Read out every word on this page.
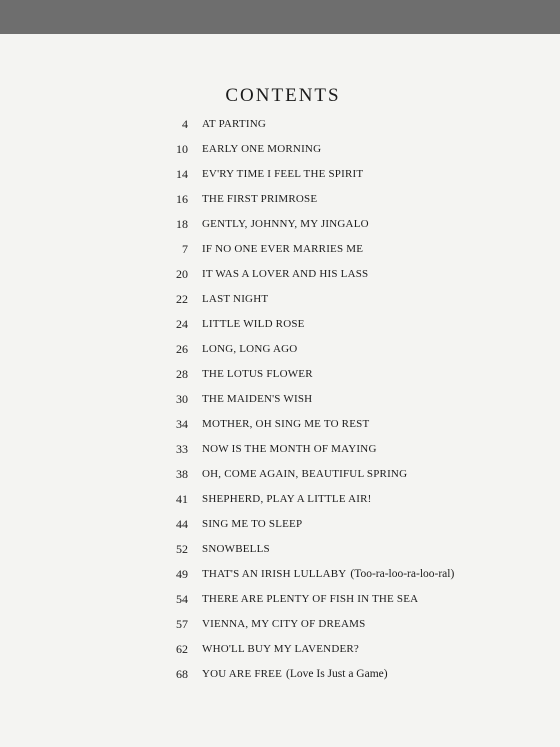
CONTENTS
4 AT PARTING
10 EARLY ONE MORNING
14 EV'RY TIME I FEEL THE SPIRIT
16 THE FIRST PRIMROSE
18 GENTLY, JOHNNY, MY JINGALO
7 IF NO ONE EVER MARRIES ME
20 IT WAS A LOVER AND HIS LASS
22 LAST NIGHT
24 LITTLE WILD ROSE
26 LONG, LONG AGO
28 THE LOTUS FLOWER
30 THE MAIDEN'S WISH
34 MOTHER, OH SING ME TO REST
33 NOW IS THE MONTH OF MAYING
38 OH, COME AGAIN, BEAUTIFUL SPRING
41 SHEPHERD, PLAY A LITTLE AIR!
44 SING ME TO SLEEP
52 SNOWBELLS
49 THAT'S AN IRISH LULLABY (Too-ra-loo-ra-loo-ral)
54 THERE ARE PLENTY OF FISH IN THE SEA
57 VIENNA, MY CITY OF DREAMS
62 WHO'LL BUY MY LAVENDER?
68 YOU ARE FREE (Love Is Just a Game)
